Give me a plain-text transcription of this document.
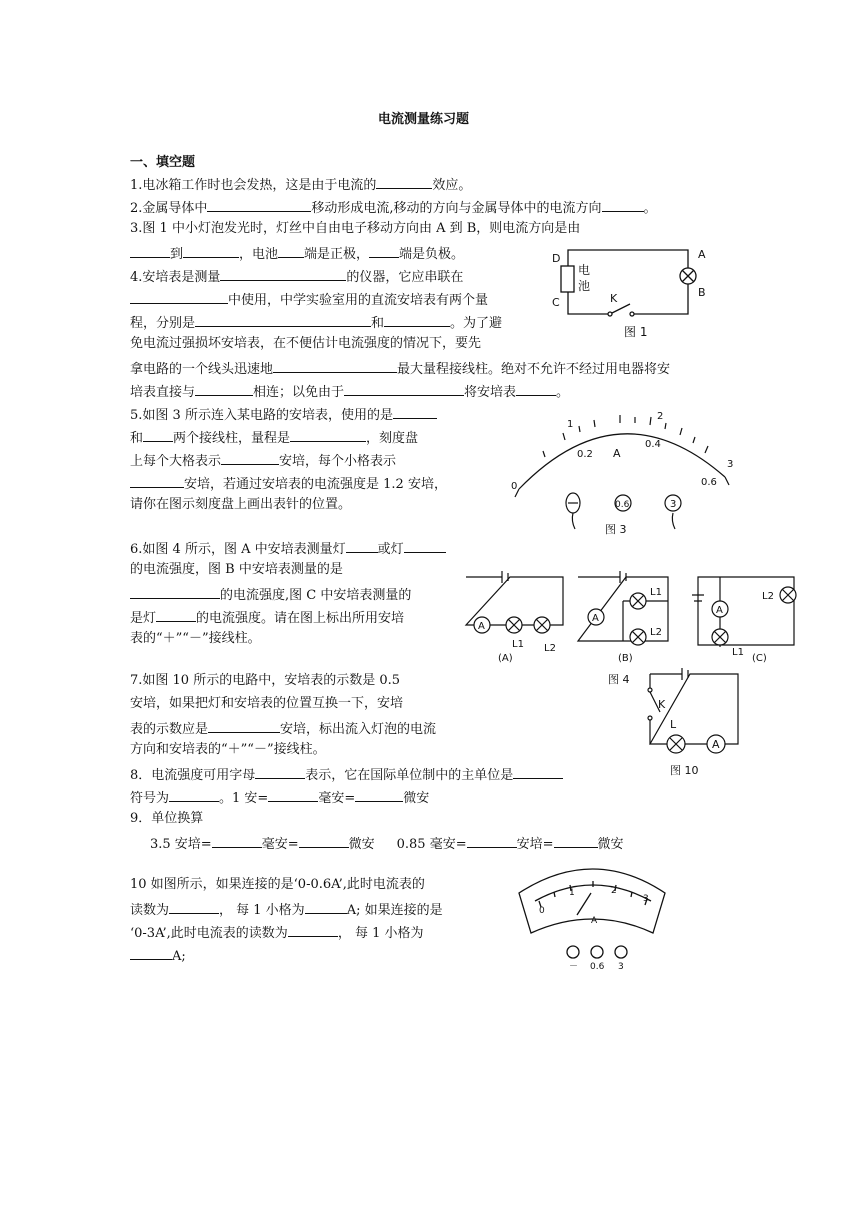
电流测量练习题
一、填空题
1.电冰箱工作时也会发热，这是由于电流的	效应。
2.金属导体中	移动形成电流,移动的方向与金属导体中的电流方向	。
3.图 1 中小灯泡发光时，灯丝中自由电子移动方向由 A 到 B，则电流方向是由
到	，电池 端是正极， 端是负极。
4.安培表是测量	的仪器，它应串联在
中使用，中学实验室用的直流安培表有两个量
程，分别是	和	。为了避
免电流过强损坏安培表，在不便估计电流强度的情况下，要先
拿电路的一个线头迅速地	最大量程接线柱。绝对不允许不经过用电器将安
培表直接与	相连；以免由于	将安培表	。
5.如图 3 所示连入某电路的安培表，使用的是
和 两个接线柱，量程是	，刻度盘
上每个大格表示	安培，每个小格表示
安培，若通过安培表的电流强度是 1.2 安培，
请你在图示刻度盘上画出表针的位置。
6.如图 4 所示，图 A 中安培表测量灯 或灯
的电流强度，图 B 中安培表测量的是
的电流强度,图 C 中安培表测量的
是灯	的电流强度。请在图上标出所用安培
表的“＋”“－”接线柱。
7.如图 10 所示的电路中，安培表的示数是 0.5
安培，如果把灯和安培表的位置互换一下，安培
表的示数应是	安培，标出流入灯泡的电流
方向和安培表的“＋”“－”接线柱。
8．电流强度可用字母	表示，它在国际单位制中的主单位是
符号为	。1 安=	毫安=	微安
9．单位换算
3.5 安培=	毫安=	微安 0.85 毫安=	安培=	微安
10 如图所示，如果连接的是‘0-0.6A’,此时电流表的
读数为	， 每 1 小格为	A; 如果连接的是
‘0-3A’,此时电流表的读数为	， 每 1 小格为
A;
D
C
A
B
K
电
池
图 1
1
2
0.2
0.4
0
3
0.6
A
－	0.6	3
图 3
A
A
A
L1 L2
L1
L2
L1
L2
(A)	(B)	(C)
图 4
K
L
A
图 10
0
1	2
3
A
－ 0.6 3
